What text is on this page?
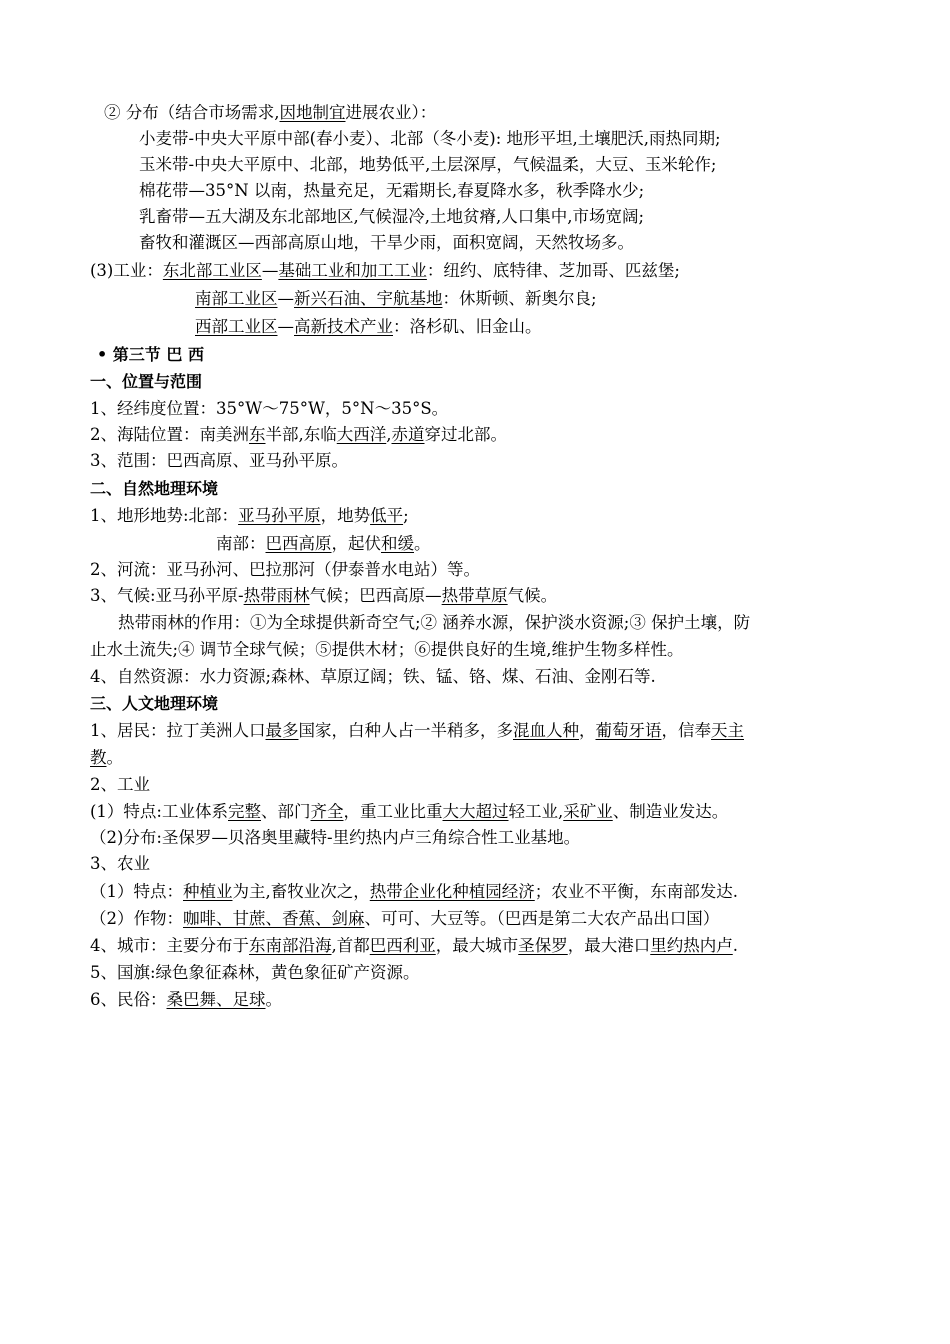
② 分布（结合市场需求,因地制宜进展农业）：
小麦带-中央大平原中部(春小麦）、北部（冬小麦): 地形平坦,土壤肥沃,雨热同期;
玉米带-中央大平原中、北部，地势低平,土层深厚，气候温柔，大豆、玉米轮作;
棉花带—35°N 以南，热量充足，无霜期长,春夏降水多，秋季降水少;
乳畜带—五大湖及东北部地区,气候湿冷,土地贫瘠,人口集中,市场宽阔;
畜牧和灌溉区—西部高原山地，干旱少雨，面积宽阔，天然牧场多。
(3)工业：东北部工业区—基础工业和加工工业：纽约、底特律、芝加哥、匹兹堡;
南部工业区—新兴石油、宇航基地：休斯顿、新奥尔良;
西部工业区—高新技术产业：洛杉矶、旧金山。
• 第三节 巴 西
一、位置与范围
1、经纬度位置：35°W～75°W，5°N～35°S。
2、海陆位置：南美洲东半部,东临大西洋,赤道穿过北部。
3、范围：巴西高原、亚马孙平原。
二、自然地理环境
1、地形地势:北部：亚马孙平原，地势低平;
南部：巴西高原，起伏和缓。
2、河流：亚马孙河、巴拉那河（伊泰普水电站）等。
3、气候:亚马孙平原-热带雨林气候；巴西高原—热带草原气候。
热带雨林的作用：①为全球提供新奇空气;② 涵养水源，保护淡水资源;③ 保护土壤，防
止水土流失;④ 调节全球气候；⑤提供木材；⑥提供良好的生境,维护生物多样性。
4、自然资源：水力资源;森林、草原辽阔；铁、锰、铬、煤、石油、金刚石等.
三、人文地理环境
1、居民：拉丁美洲人口最多国家，白种人占一半稍多，多混血人种，葡萄牙语，信奉天主
教。
2、工业
(1）特点:工业体系完整、部门齐全，重工业比重大大超过轻工业,采矿业、制造业发达。
（2)分布:圣保罗—贝洛奥里藏特-里约热内卢三角综合性工业基地。
3、农业
（1）特点：种植业为主,畜牧业次之，热带企业化种植园经济；农业不平衡，东南部发达.
（2）作物：咖啡、甘蔗、香蕉、剑麻、可可、大豆等。（巴西是第二大农产品出口国）
4、城市：主要分布于东南部沿海,首都巴西利亚，最大城市圣保罗，最大港口里约热内卢.
5、国旗:绿色象征森林，黄色象征矿产资源。
6、民俗：桑巴舞、足球。
